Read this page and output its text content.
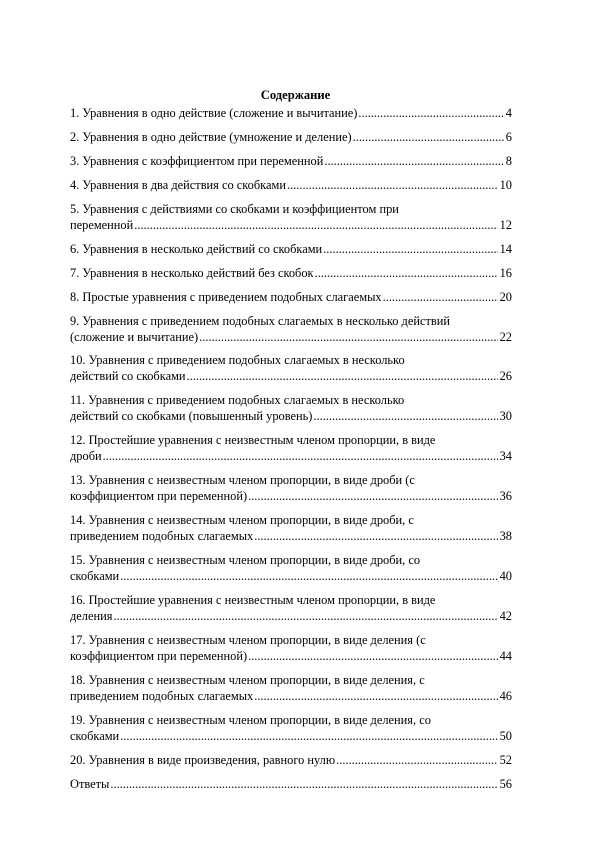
Содержание
1. Уравнения в одно действие (сложение и вычитание) .....	4
2. Уравнения в одно действие (умножение и деление) .....	6
3. Уравнения с коэффициентом при переменной .....	8
4. Уравнения в два действия со скобками .....	10
5. Уравнения с действиями со скобками и коэффициентом при
переменной .....	12
6. Уравнения в несколько действий со скобками .....	14
7. Уравнения в несколько действий без скобок .....	16
8. Простые уравнения с приведением подобных слагаемых .....	20
9. Уравнения с приведением подобных слагаемых в несколько действий
(сложение и вычитание) .....	22
10. Уравнения с приведением подобных слагаемых в несколько
действий со скобками .....	26
11. Уравнения с приведением подобных слагаемых в несколько
действий со скобками (повышенный уровень) .....	30
12. Простейшие уравнения с неизвестным членом пропорции, в виде
дроби .....	34
13. Уравнения с неизвестным членом пропорции, в виде дроби (с
коэффициентом при переменной) .....	36
14. Уравнения с неизвестным членом пропорции, в виде дроби, с
приведением подобных слагаемых .....	38
15. Уравнения с неизвестным членом пропорции, в виде дроби, со
скобками .....	40
16. Простейшие уравнения с неизвестным членом пропорции, в виде
деления .....	42
17. Уравнения с неизвестным членом пропорции, в виде деления (с
коэффициентом при переменной) .....	44
18. Уравнения с неизвестным членом пропорции, в виде деления, с
приведением подобных слагаемых .....	46
19. Уравнения с неизвестным членом пропорции, в виде деления, со
скобками .....	50
20. Уравнения в виде произведения, равного нулю .....	52
Ответы .....	56
